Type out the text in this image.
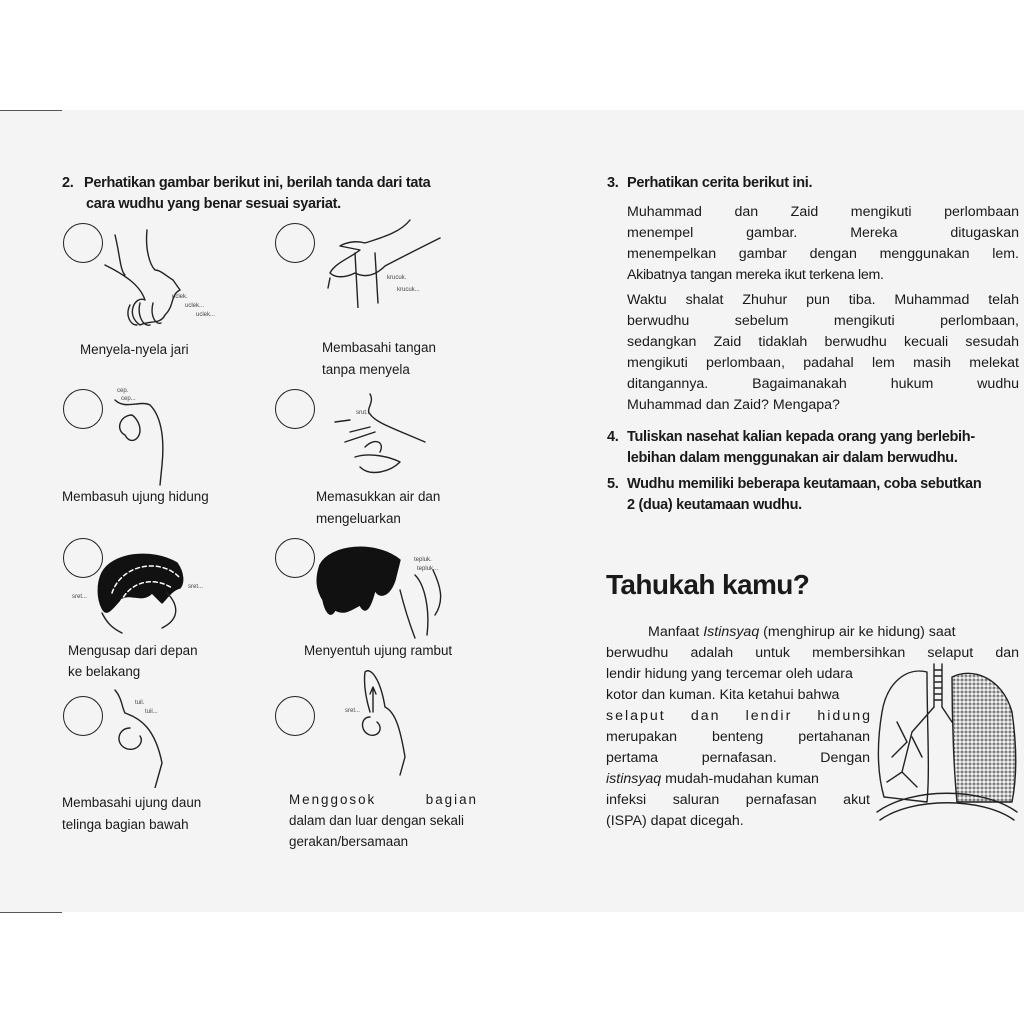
2. Perhatikan gambar berikut ini, berilah tanda dari tata
cara wudhu yang benar sesuai syariat.
uclek.
uclek...
uclek...
Menyela-nyela jari
krucuk.
krucuk...
Membasahi tangan
tanpa menyela
cep.
cep...
Membasuh ujung hidung
srut...
Memasukkan air dan
mengeluarkan
sret...
sret...
Mengusap dari depan
ke belakang
tepluk.
tepluk...
Menyentuh ujung rambut
tuil.
tuil...
Membasahi ujung daun
telinga bagian bawah
sret...
Menggosok bagian
dalam dan luar dengan sekali
gerakan/bersamaan
3. Perhatikan cerita berikut ini.
Muhammad dan Zaid mengikuti perlombaan
menempel gambar. Mereka ditugaskan
menempelkan gambar dengan menggunakan lem.
Akibatnya tangan mereka ikut terkena lem.
Waktu shalat Zhuhur pun tiba. Muhammad telah
berwudhu sebelum mengikuti perlombaan,
sedangkan Zaid tidaklah berwudhu kecuali sesudah
mengikuti perlombaan, padahal lem masih melekat
ditangannya. Bagaimanakah hukum wudhu
Muhammad dan Zaid? Mengapa?
4. Tuliskan nasehat kalian kepada orang yang berlebih-
lebihan dalam menggunakan air dalam berwudhu.
5. Wudhu memiliki beberapa keutamaan, coba sebutkan
2 (dua) keutamaan wudhu.
Tahukah kamu?
Manfaat Istinsyaq (menghirup air ke hidung) saat
berwudhu adalah untuk membersihkan selaput dan
lendir hidung yang tercemar oleh udara
kotor dan kuman. Kita ketahui bahwa
selaput dan lendir hidung
merupakan benteng pertahanan
pertama pernafasan. Dengan
istinsyaq mudah-mudahan kuman
infeksi saluran pernafasan akut
(ISPA) dapat dicegah.
